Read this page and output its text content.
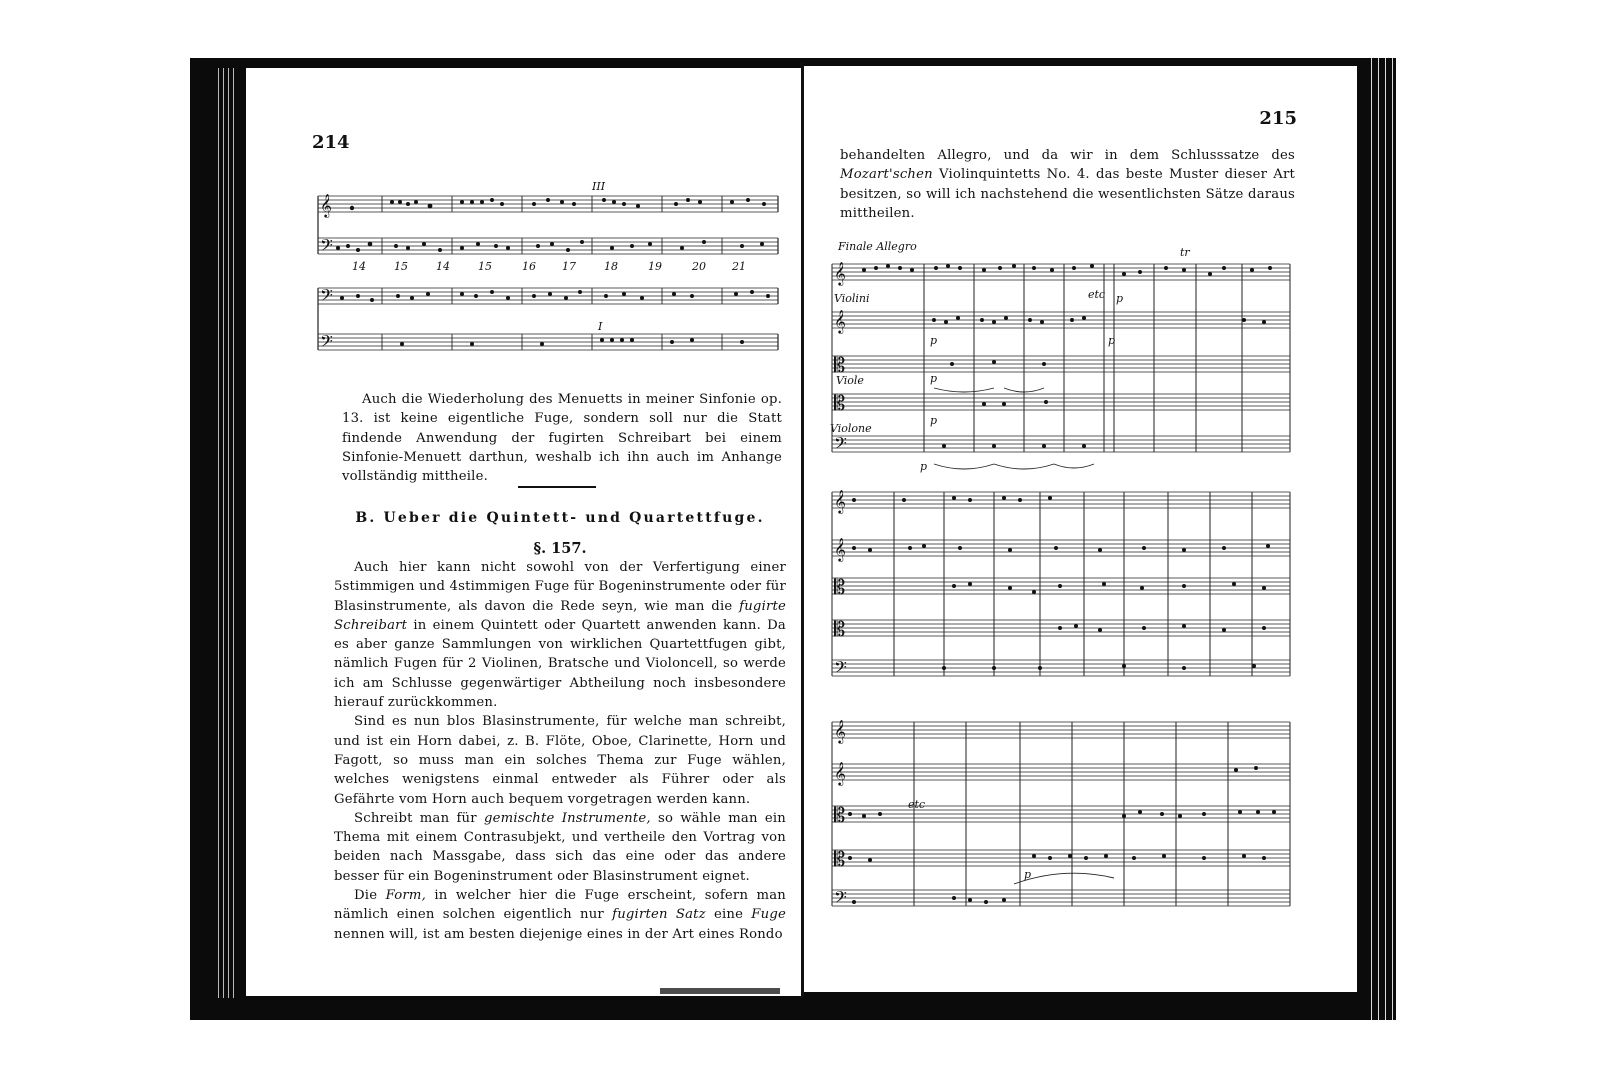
214
𝄞
𝄢
𝄢
𝄢
14	15	14	15	16 17	18	19	20 21
III
I

Auch die Wiederholung des Menuetts in meiner Sinfonie op. 13. ist keine eigentliche Fuge, sondern soll nur die Statt findende Anwendung der fugirten Schreibart bei einem Sinfonie-Menuett darthun, weshalb ich ihn auch im Anhange vollständig mittheile.

B. Ueber die Quintett- und Quartettfuge.
§. 157.

Auch hier kann nicht sowohl von der Verfertigung einer 5stimmigen und 4stimmigen Fuge für Bogeninstrumente oder für Blasinstrumente, als davon die Rede seyn, wie man die fugirte Schreibart in einem Quintett oder Quartett anwenden kann. Da es aber ganze Sammlungen von wirklichen Quartettfugen gibt, nämlich Fugen für 2 Violinen, Bratsche und Violoncell, so werde ich am Schlusse gegenwärtiger Abtheilung noch insbesondere hierauf zurückkommen.

Sind es nun blos Blasinstrumente, für welche man schreibt, und ist ein Horn dabei, z. B. Flöte, Oboe, Clarinette, Horn und Fagott, so muss man ein solches Thema zur Fuge wählen, welches wenigstens einmal entweder als Führer oder als Gefährte vom Horn auch bequem vorgetragen werden kann.

Schreibt man für gemischte Instrumente, so wähle man ein Thema mit einem Contrasubjekt, und vertheile den Vortrag von beiden nach Massgabe, dass sich das eine oder das andere besser für ein Bogeninstrument oder Blasinstrument eignet.

Die Form, in welcher hier die Fuge erscheint, sofern man nämlich einen solchen eigentlich nur fugirten Satz eine Fuge nennen will, ist am besten diejenige eines in der Art eines Rondo

215

behandelten Allegro, und da wir in dem Schlusssatze des Mozart'schen Violinquintetts No. 4. das beste Muster dieser Art besitzen, so will ich nachstehend die wesentlichsten Sätze daraus mittheilen.

Finale Allegro
Violini
Viole
Violone
p
p
p
p
p
p
p
etc
tr
etc
𝄞
𝄞
𝄡
𝄡
𝄢
𝄞
𝄞
𝄡
𝄡
𝄢
𝄞
𝄞
𝄡
𝄡
𝄢
